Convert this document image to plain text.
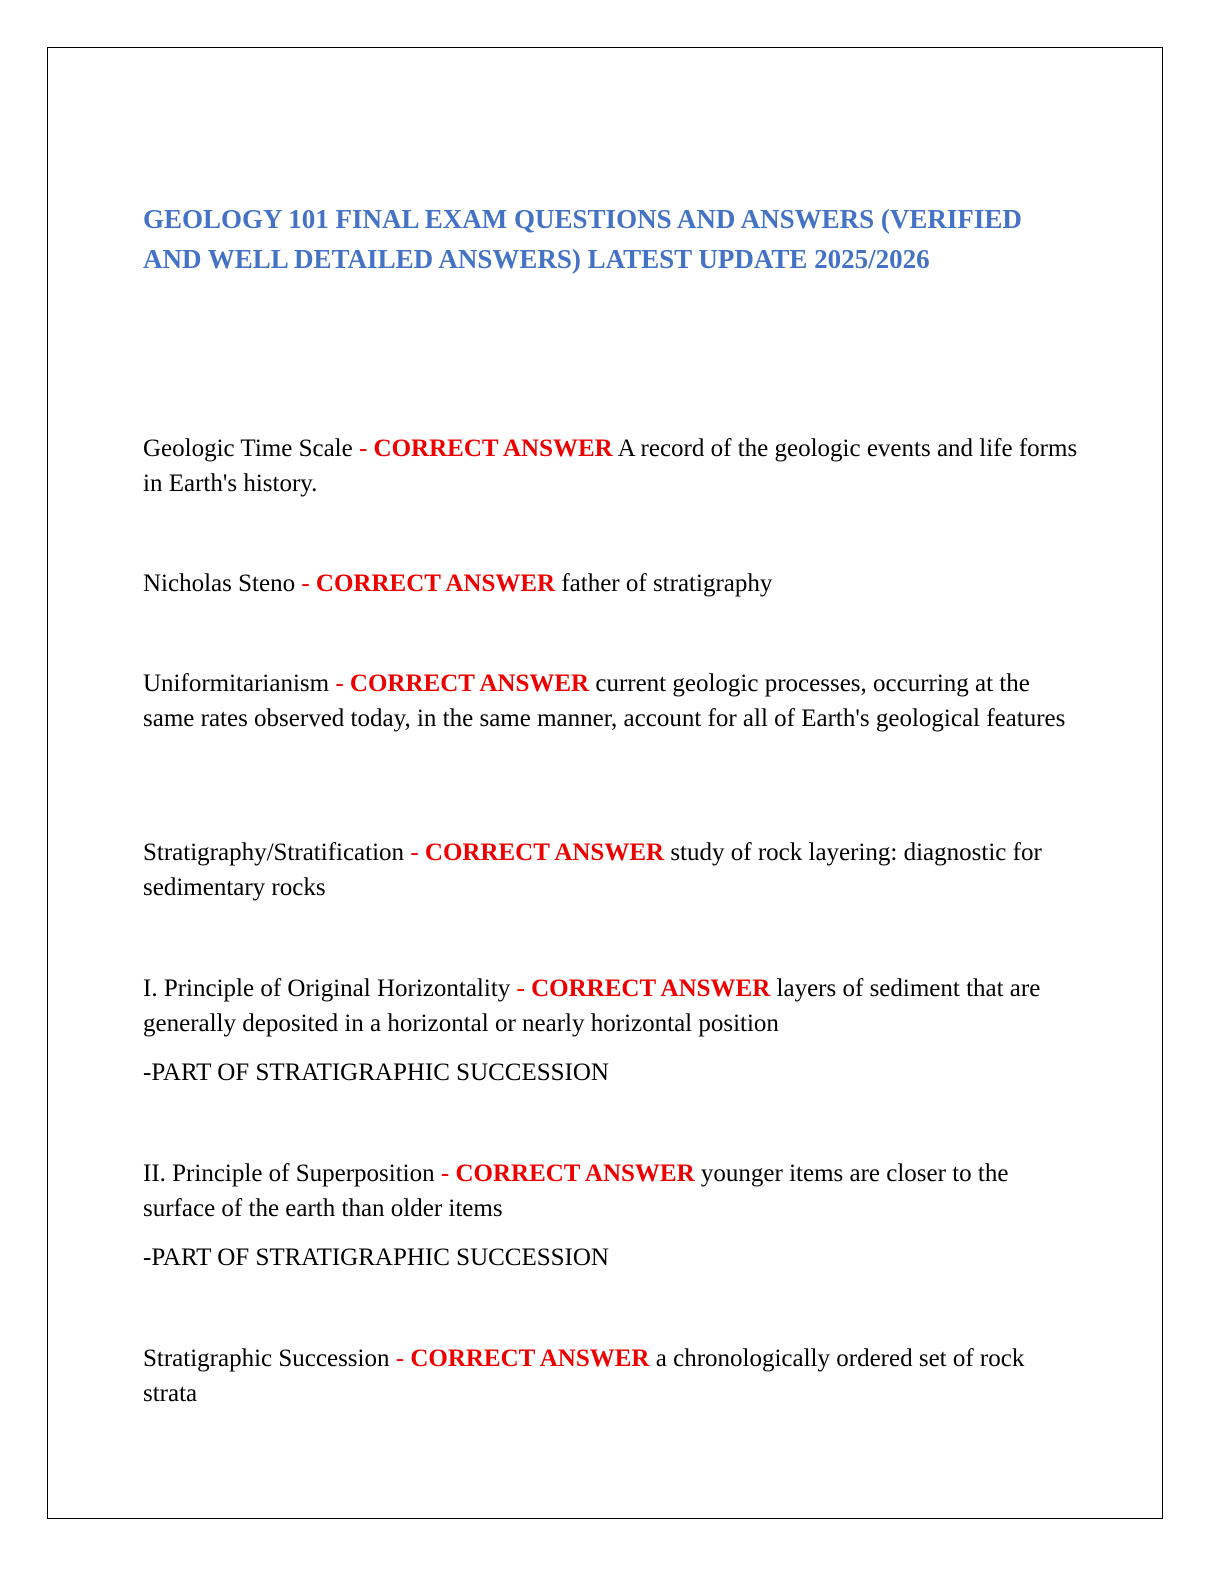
GEOLOGY 101 FINAL EXAM QUESTIONS AND ANSWERS (VERIFIED AND WELL DETAILED ANSWERS) LATEST UPDATE 2025/2026

Geologic Time Scale - CORRECT ANSWER A record of the geologic events and life forms in Earth's history.

Nicholas Steno - CORRECT ANSWER father of stratigraphy

Uniformitarianism - CORRECT ANSWER current geologic processes, occurring at the same rates observed today, in the same manner, account for all of Earth's geological features

Stratigraphy/Stratification - CORRECT ANSWER study of rock layering: diagnostic for sedimentary rocks

I. Principle of Original Horizontality - CORRECT ANSWER layers of sediment that are generally deposited in a horizontal or nearly horizontal position

-PART OF STRATIGRAPHIC SUCCESSION

II. Principle of Superposition - CORRECT ANSWER younger items are closer to the surface of the earth than older items

-PART OF STRATIGRAPHIC SUCCESSION

Stratigraphic Succession - CORRECT ANSWER a chronologically ordered set of rock strata
